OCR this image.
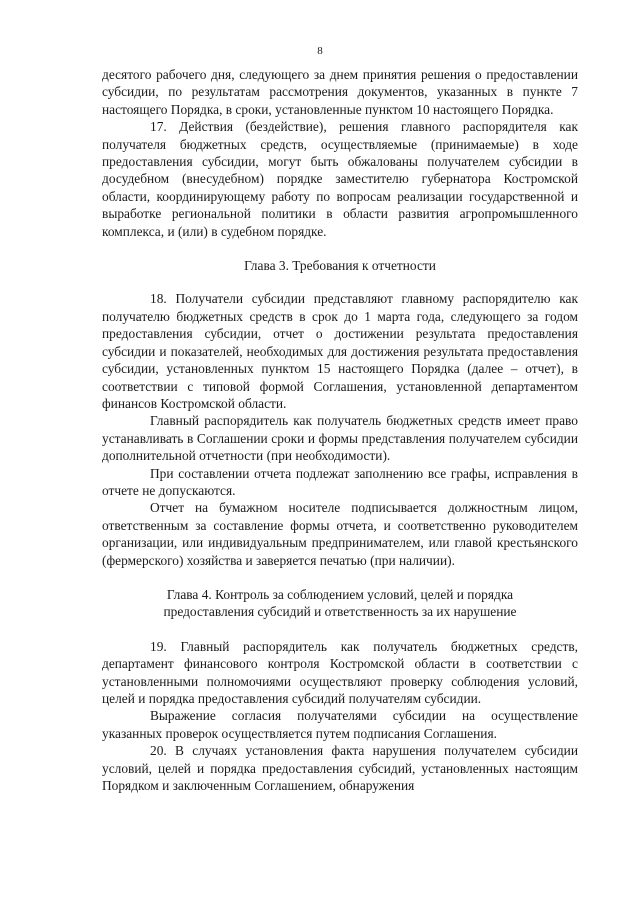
8

десятого рабочего дня, следующего за днем принятия решения о предоставлении субсидии, по результатам рассмотрения документов, указанных в пункте 7 настоящего Порядка, в сроки, установленные пунктом 10 настоящего Порядка.

17. Действия (бездействие), решения главного распорядителя как получателя бюджетных средств, осуществляемые (принимаемые) в ходе предоставления субсидии, могут быть обжалованы получателем субсидии в досудебном (внесудебном) порядке заместителю губернатора Костромской области, координирующему работу по вопросам реализации государственной и выработке региональной политики в области развития агропромышленного комплекса, и (или) в судебном порядке.

Глава 3. Требования к отчетности

18. Получатели субсидии представляют главному распорядителю как получателю бюджетных средств в срок до 1 марта года, следующего за годом предоставления субсидии, отчет о достижении результата предоставления субсидии и показателей, необходимых для достижения результата предоставления субсидии, установленных пунктом 15 настоящего Порядка (далее – отчет), в соответствии с типовой формой Соглашения, установленной департаментом финансов Костромской области.

Главный распорядитель как получатель бюджетных средств имеет право устанавливать в Соглашении сроки и формы представления получателем субсидии дополнительной отчетности (при необходимости).

При составлении отчета подлежат заполнению все графы, исправления в отчете не допускаются.

Отчет на бумажном носителе подписывается должностным лицом, ответственным за составление формы отчета, и соответственно руководителем организации, или индивидуальным предпринимателем, или главой крестьянского (фермерского) хозяйства и заверяется печатью (при наличии).

Глава 4. Контроль за соблюдением условий, целей и порядка

предоставления субсидий и ответственность за их нарушение

19. Главный распорядитель как получатель бюджетных средств, департамент финансового контроля Костромской области в соответствии с установленными полномочиями осуществляют проверку соблюдения условий, целей и порядка предоставления субсидий получателям субсидии.

Выражение согласия получателями субсидии на осуществление указанных проверок осуществляется путем подписания Соглашения.

20. В случаях установления факта нарушения получателем субсидии условий, целей и порядка предоставления субсидий, установленных настоящим Порядком и заключенным Соглашением, обнаружения
